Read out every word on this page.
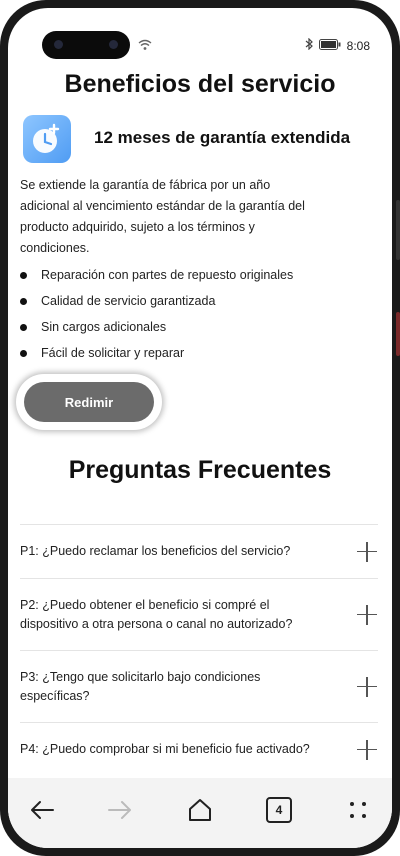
8:08
Beneficios del servicio
12 meses de garantía extendida
Se extiende la garantía de fábrica por un año adicional al vencimiento estándar de la garantía del producto adquirido, sujeto a los términos y condiciones.
Reparación con partes de repuesto originales
Calidad de servicio garantizada
Sin cargos adicionales
Fácil de solicitar y reparar
Redimir
Preguntas Frecuentes
P1: ¿Puedo reclamar los beneficios del servicio?
P2: ¿Puedo obtener el beneficio si compré el dispositivo a otra persona o canal no autorizado?
P3: ¿Tengo que solicitarlo bajo condiciones específicas?
P4: ¿Puedo comprobar si mi beneficio fue activado?
4
